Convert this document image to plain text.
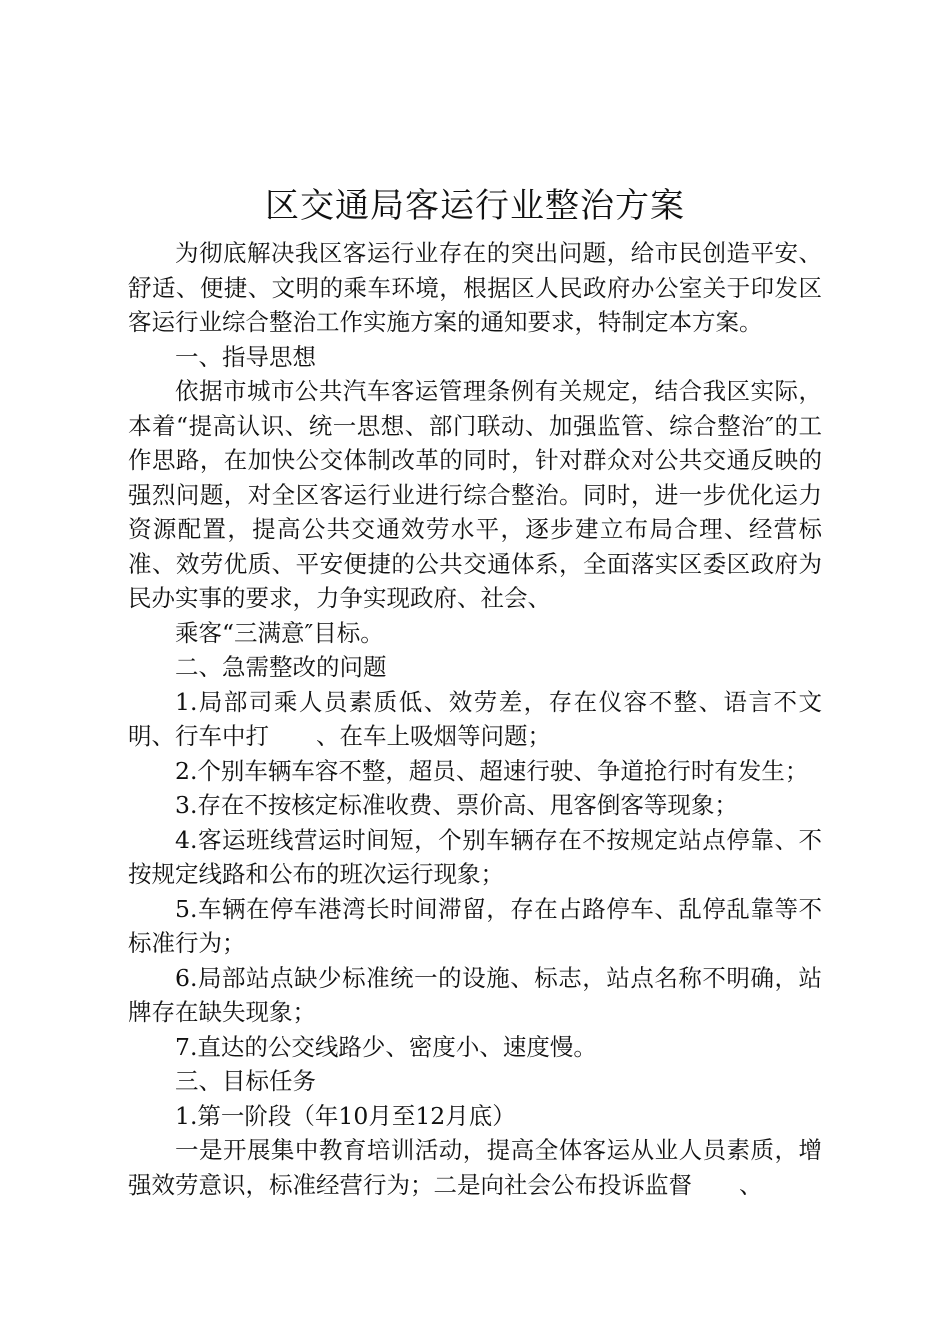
区交通局客运行业整治方案

为彻底解决我区客运行业存在的突出问题，给市民创造平安、舒适、便捷、文明的乘车环境，根据区人民政府办公室关于印发区客运行业综合整治工作实施方案的通知要求，特制定本方案。

一、指导思想

依据市城市公共汽车客运管理条例有关规定，结合我区实际，本着“提高认识、统一思想、部门联动、加强监管、综合整治″的工作思路，在加快公交体制改革的同时，针对群众对公共交通反映的强烈问题，对全区客运行业进行综合整治。同时，进一步优化运力资源配置，提高公共交通效劳水平，逐步建立布局合理、经营标准、效劳优质、平安便捷的公共交通体系，全面落实区委区政府为民办实事的要求，力争实现政府、社会、

乘客“三满意″目标。

二、急需整改的问题

1.局部司乘人员素质低、效劳差，存在仪容不整、语言不文明、行车中打　　、在车上吸烟等问题；

2.个别车辆车容不整，超员、超速行驶、争道抢行时有发生；

3.存在不按核定标准收费、票价高、甩客倒客等现象；

4.客运班线营运时间短，个别车辆存在不按规定站点停靠、不按规定线路和公布的班次运行现象；

5.车辆在停车港湾长时间滞留，存在占路停车、乱停乱靠等不标准行为；

6.局部站点缺少标准统一的设施、标志，站点名称不明确，站牌存在缺失现象；

7.直达的公交线路少、密度小、速度慢。

三、目标任务

1.第一阶段（年10月至12月底）

一是开展集中教育培训活动，提高全体客运从业人员素质，增强效劳意识，标准经营行为；二是向社会公布投诉监督　　、
